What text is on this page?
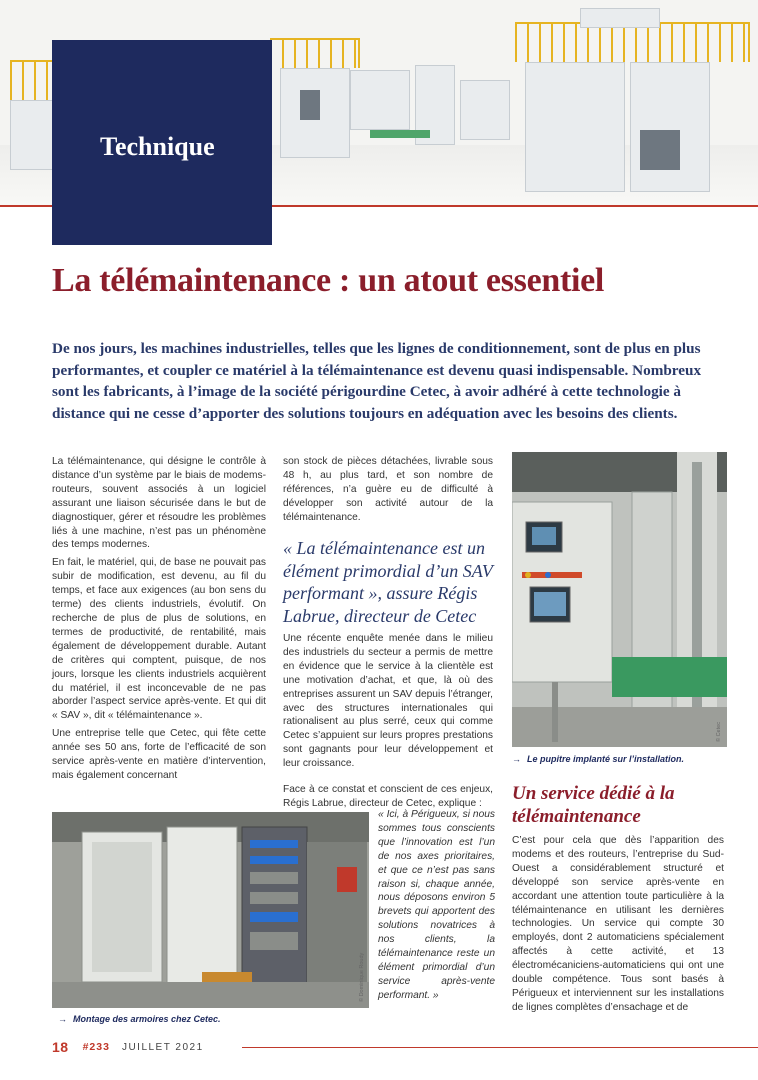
Technique
La télémaintenance : un atout essentiel

De nos jours, les machines industrielles, telles que les lignes de conditionnement, sont de plus en plus performantes, et coupler ce matériel à la télémaintenance est devenu quasi indispensable. Nombreux sont les fabricants, à l’image de la société périgourdine Cetec, à avoir adhéré à cette technologie à distance qui ne cesse d’apporter des solutions toujours en adéquation avec les besoins des clients.

La télémaintenance, qui désigne le contrôle à distance d’un système par le biais de modems-routeurs, souvent associés à un logiciel assurant une liaison sécurisée dans le but de diagnostiquer, gérer et résoudre les problèmes liés à une machine, n’est pas un phénomène des temps modernes.

En fait, le matériel, qui, de base ne pouvait pas subir de modification, est devenu, au fil du temps, et face aux exigences (au bon sens du terme) des clients industriels, évolutif. On recherche de plus de plus de solutions, en termes de productivité, de rentabilité, mais également de développement durable. Autant de critères qui comptent, puisque, de nos jours, lorsque les clients industriels acquièrent du matériel, il est inconcevable de ne pas aborder l’aspect service après-vente. Et qui dit « SAV », dit « télémaintenance ».

Une entreprise telle que Cetec, qui fête cette année ses 50 ans, forte de l’efficacité de son service après-vente en matière d’intervention, mais également concernant

son stock de pièces détachées, livrable sous 48 h, au plus tard, et son nombre de références, n’a guère eu de difficulté à développer son activité autour de la télémaintenance.

« La télémaintenance est un élément primordial d’un SAV performant », assure Régis Labrue, directeur de Cetec

Une récente enquête menée dans le milieu des industriels du secteur a permis de mettre en évidence que le service à la clientèle est une motivation d’achat, et que, là où des entreprises assurent un SAV depuis l’étranger, avec des structures internationales qui rationalisent au plus serré, ceux qui comme Cetec s’appuient sur leurs propres prestations sont gagnants pour leur développement et leur croissance.

Face à ce constat et conscient de ces enjeux, Régis Labrue, directeur de Cetec, explique :

« Ici, à Périgueux, si nous sommes tous conscients que l’innovation est l’un de nos axes prioritaires, et que ce n’est pas sans raison si, chaque année, nous déposons environ 5 brevets qui apportent des solutions novatrices à nos clients, la télémaintenance reste un élément primordial d’un service après-vente performant. »
© Cetec
→ Le pupitre implanté sur l’installation.
Un service dédié à la télémaintenance

C’est pour cela que dès l’apparition des modems et des routeurs, l’entreprise du Sud-Ouest a considérablement structuré et développé son service après-vente en accordant une attention toute particulière à la télémaintenance en utilisant les dernières technologies. Un service qui compte 30 employés, dont 2 automaticiens spécialement affectés à cette activité, et 13 électromécaniciens-automaticiens qui ont une double compétence. Tous sont basés à Périgueux et interviennent sur les installations de lignes complètes d’ensachage et de

© Dominique Roudy
→ Montage des armoires chez Cetec.
18 #233 JUILLET 2021
